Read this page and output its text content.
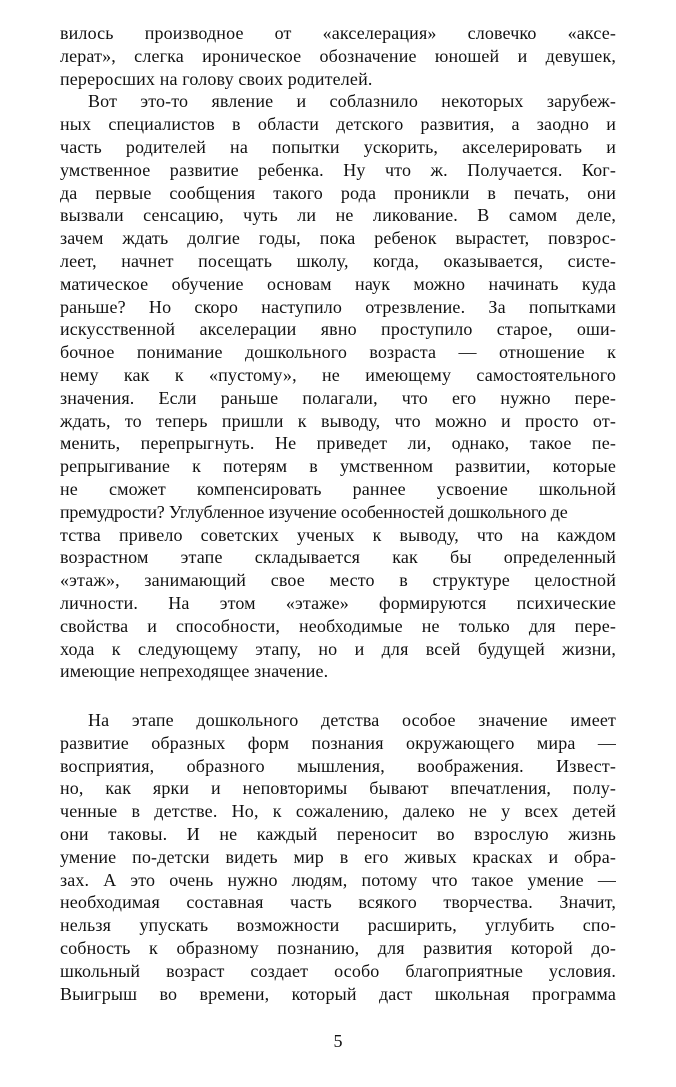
вилось производное от «акселерация» словечко «аксе-
лерат», слегка ироническое обозначение юношей и девушек,
переросших на голову своих родителей.
Вот это-то явление и соблазнило некоторых зарубеж-
ных специалистов в области детского развития, а заодно и
часть родителей на попытки ускорить, акселерировать и
умственное развитие ребенка. Ну что ж. Получается. Ког-
да первые сообщения такого рода проникли в печать, они
вызвали сенсацию, чуть ли не ликование. В самом деле,
зачем ждать долгие годы, пока ребенок вырастет, повзрос-
леет, начнет посещать школу, когда, оказывается, систе-
матическое обучение основам наук можно начинать куда
раньше? Но скоро наступило отрезвление. За попытками
искусственной акселерации явно проступило старое, оши-
бочное понимание дошкольного возраста — отношение к
нему как к «пустому», не имеющему самостоятельного
значения. Если раньше полагали, что его нужно пере-
ждать, то теперь пришли к выводу, что можно и просто от-
менить, перепрыгнуть. Не приведет ли, однако, такое пе-
репрыгивание к потерям в умственном развитии, которые
не сможет компенсировать раннее усвоение школьной
премудрости? Углубленное изучение особенностей дошкольного де
тства привело советских ученых к выводу, что на каждом
возрастном этапе складывается как бы определенный
«этаж», занимающий свое место в структуре целостной
личности. На этом «этаже» формируются психические
свойства и способности, необходимые не только для пере-
хода к следующему этапу, но и для всей будущей жизни,
имеющие непреходящее значение.
На этапе дошкольного детства особое значение имеет
развитие образных форм познания окружающего мира —
восприятия, образного мышления, воображения. Извест-
но, как ярки и неповторимы бывают впечатления, полу-
ченные в детстве. Но, к сожалению, далеко не у всех детей
они таковы. И не каждый переносит во взрослую жизнь
умение по-детски видеть мир в его живых красках и обра-
зах. А это очень нужно людям, потому что такое умение —
необходимая составная часть всякого творчества. Значит,
нельзя упускать возможности расширить, углубить спо-
собность к образному познанию, для развития которой до-
школьный возраст создает особо благоприятные условия.
Выигрыш во времени, который даст школьная программа
5
